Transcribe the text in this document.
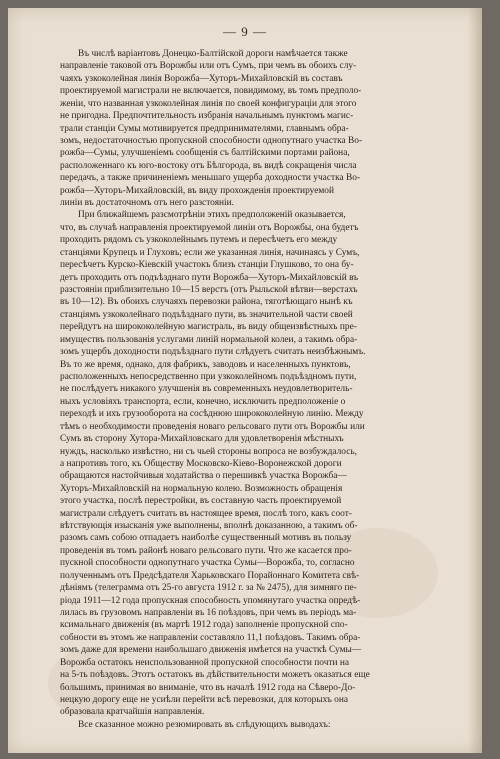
— 9 —
Въ числѣ варіантовъ Донецко-Балтійской дороги намѣчается также
направленіе таковой отъ Ворожбы или отъ Сумъ, при чемъ въ обоихъ слу-
чаяхъ узкоколейная линія Ворожба—Хуторъ-Михайловскій въ составъ
проектируемой магистрали не включается, повидимому, въ томъ предполо-
женіи, что названная узкоколейная линія по своей конфигураціи для этого
не пригодна. Предпочтительность избранія начальнымъ пунктомъ магис-
трали станціи Сумы мотивируется предпринимателями, главнымъ обра-
зомъ, недостаточностью пропускной способности однопутнаго участка Во-
рожба—Сумы, улучшеніемъ сообщенія съ балтійскими портами района,
расположеннаго къ юго-востоку отъ Бѣлгорода, въ видѣ сокращенія числа
передачъ, а также причиненіемъ меньшаго ущерба доходности участка Во-
рожба—Хуторъ-Михайловскій, въ виду прохожденія проектируемой
линіи въ достаточномъ отъ него разстояніи.
При ближайшемъ разсмотрѣніи этихъ предположеній оказывается,
что, въ случаѣ направленія проектируемой линіи отъ Ворожбы, она будетъ
проходить рядомъ съ узкоколейнымъ путемъ и пересѣчетъ его между
станціями Крупецъ и Глуховъ; если же указанная линія, начинаясь у Сумъ,
пересѣчетъ Курско-Кіевскій участокъ близъ станціи Глушково, то она бу-
детъ проходить отъ подъѣзднаго пути Ворожба—Хуторъ-Михайловскій въ
разстояніи приблизительно 10—15 верстъ (отъ Рыльской вѣтви—верстахъ
въ 10—12). Въ обоихъ случаяхъ перевозки района, тяготѣющаго нынѣ къ
станціямъ узкоколейнаго подъѣзднаго пути, въ значительной части своей
перейдутъ на ширококолейную магистраль, въ виду общеизвѣстныхъ пре-
имуществъ пользованія услугами линій нормальной колеи, а такимъ обра-
зомъ ущербъ доходности подъѣзднаго пути слѣдуетъ считать неизбѣжнымъ.
Въ то же время, однако, для фабрикъ, заводовъ и населенныхъ пунктовъ,
расположенныхъ непосредственно при узкоколейномъ подъѣздномъ пути,
не послѣдуетъ никакого улучшенія въ современныхъ неудовлетворитель-
ныхъ условіяхъ транспорта, если, конечно, исключить предположеніе о
переходѣ и ихъ грузооборота на сосѣднюю ширококолейную линію. Между
тѣмъ о необходимости проведенія новаго рельсоваго пути отъ Ворожбы или
Сумъ въ сторону Хутора-Михайловскаго для удовлетворенія мѣстныхъ
нуждъ, насколько извѣстно, ни съ чьей стороны вопроса не возбуждалось,
а напротивъ того, къ Обществу Московско-Кіево-Воронежской дороги
обращаются настойчивыя ходатайства о перешивкѣ участка Ворожба—
Хуторъ-Михайловскій на нормальную колею. Возможность обращенія
этого участка, послѣ перестройки, въ составную часть проектируемой
магистрали слѣдуетъ считать въ настоящее время, послѣ того, какъ соот-
вѣтствующія изысканія уже выполнены, вполнѣ доказанною, а такимъ об-
разомъ самъ собою отпадаетъ наиболѣе существенный мотивъ въ пользу
проведенія въ томъ районѣ новаго рельсоваго пути. Что же касается про-
пускной способности однопутнаго участка Сумы—Ворожба, то, согласно
полученнымъ отъ Предсѣдателя Харьковскаго Порайоннаго Комитета свѣ-
дѣніямъ (телеграмма отъ 25-го августа 1912 г. за № 2475), для зимняго пе-
ріода 1911—12 года пропускная способность упомянутаго участка опредѣ-
лилась въ грузовомъ направленіи въ 16 поѣздовъ, при чемъ въ періодъ ма-
ксимальнаго движенія (въ мартѣ 1912 года) заполненіе пропускной спо-
собности въ этомъ же направленіи составляло 11,1 поѣздовъ. Такимъ обра-
зомъ даже для времени наибольшаго движенія имѣется на участкѣ Сумы—
Ворожба остатокъ неиспользованной пропускной способности почти на
на 5-ть поѣздовъ. Этотъ остатокъ въ дѣйствительности можетъ оказаться еще
большимъ, принимая во вниманіе, что въ началѣ 1912 года на Сѣверо-До-
нецкую дорогу еще не усиѣли перейти всѣ перевозки, для которыхъ она
образовала кратчайшія направленія.
Все сказанное можно резюмировать въ слѣдующихъ выводахъ:
